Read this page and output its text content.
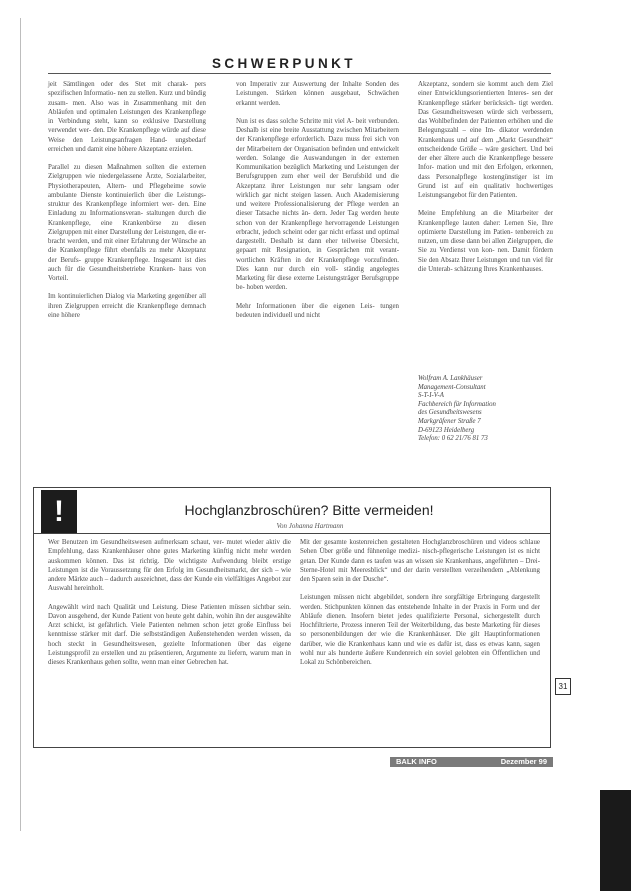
SCHWERPUNKT

jeit Sämtlingen oder des Stet mit charak- pers spezifischen Informatio- nen zu stellen. Kurz und bündig zusam- men. Also was in Zusammenhang mit den Abläufen und optimalen Leistungen des Krankenpflege in Verbindung steht, kann so exklusive Darstellung verwendet wer- den. Die Krankenpflege würde auf diese Weise den Leistungsanfragen Hand- ungsbedarf erreichen und damit eine höhere Akzeptanz erzielen.

Parallel zu diesen Maßnahmen sollten die externen Zielgruppen wie niedergelassene Ärzte, Sozialarbeiter, Physiotherapeuten, Altern- und Pflegeheime sowie ambulante Dienste kontinuierlich über die Leistungs- struktur des Krankenpflege informiert wer- den. Eine Einladung zu Informationsveran- staltungen durch die Krankenpflege, eine Krankenbörse zu diesen Zielgruppen mit einer Darstellung der Leistungen, die er- bracht werden, und mit einer Erfahrung der Wünsche an die Krankenpflege führt ebenfalls zu mehr Akzeptanz der Berufs- gruppe Krankenpflege. Insgesamt ist dies auch für die Gesundheitsbetriebe Kranken- haus von Vorteil.

Im kontinuierlichen Dialog via Marketing gegenüber all ihren Zielgruppen erreicht die Krankenpflege demnach eine höhere

von Imperativ zur Auswertung der Inhalte Sonden des Leistungen. Stärken können ausgebaut, Schwächen erkannt werden.

Nun ist es dass solche Schritte mit viel A- beit verbunden. Deshalb ist eine breite Ausstattung zwischen Mitarbeitern der Krankenpflege erforderlich. Dazu muss frei sich von der Mitarbeitern der Organisation befinden und entwickelt werden. Solange die Auswandungen in der externen Kommunikation bezüglich Marketing und Leistungen der Berufsgruppen zum eher weil der Berufsbild und die Akzeptanz ihrer Leistungen nur sehr langsam oder wirklich gar nicht steigen lassen. Auch Akademisierung und weitere Professionalisierung der Pflege werden an dieser Tatsache nichts än- dern. Jeder Tag werden heute schon von der Krankenpflege hervorragende Leistungen erbracht, jedoch scheint oder gar nicht erfasst und optimal dargestellt. Deshalb ist dann eher teilweise Übersicht, gepaart mit Resignation, in Gesprächen mit verant- wortlichen Kräften in der Krankenpflege vorzufinden. Dies kann nur durch ein voll- ständig angelegtes Marketing für diese externe Leistungsträger Berufsgruppe be- hoben werden.

Mehr Informationen über die eigenen Leis- tungen bedeuten individuell und nicht

Akzeptanz, sondern sie kommt auch dem Ziel einer Entwicklungsorientierten Interes- sen der Krankenpflege stärker berücksich- tigt werden. Das Gesundheitswesen würde sich verbessern, das Wohlbefinden der Patienten erhöhen und die Belegungszahl – eine Im- dikator werdenden Krankenhaus und auf dem „Markt Gesundheit“ entscheidende Größe – wäre gesichert. Und bei der eher ältere auch die Krankenpflege bessere Infor- mation und mit den Erfolgen, erkennen, dass Personalpflege kostengünstiger ist im Grund ist auf ein qualitativ hochwertiges Leistungsangebot für den Patienten.

Meine Empfehlung an die Mitarbeiter der Krankenpflege lauten daher: Lernen Sie, Ihre optimierte Darstellung im Patien- tenbereich zu nutzen, um diese dann bei allen Zielgruppen, die Sie zu Verdienst von kon- nen. Damit fördern Sie den Absatz Ihrer Leistungen und tun viel für die Unterab- schätzung Ihres Krankenhauses.

Wolfram A. Lankhäuser
Management-Consultant
S-T-I-V-A
Fachbereich für Information
des Gesundheitswesens
Markgräfener Straße 7
D-69123 Heidelberg
Telefon: 0 62 21/76 81 73
!	Hochglanzbroschüren? Bitte vermeiden!
Von Johanna Hartmann

Wer Benutzen im Gesundheitswesen aufmerksam schaut, ver- mutet wieder aktiv die Empfehlung, dass Krankenhäuser ohne gutes Marketing künftig nicht mehr werden auskommen können. Das ist richtig. Die wichtigste Aufwendung bleibt erstige Leistungen ist die Voraussetzung für den Erfolg im Gesundheitsmarkt, der sich – wie andere Märkte auch – dadurch auszeichnet, dass der Kunde ein vielfältiges Angebot zur Auswahl hereinholt.

Angewählt wird nach Qualität und Leistung. Diese Patienten müssen sichtbar sein. Davon ausgehend, der Kunde Patient von heute geht dahin, wohin ihn der ausgewählte Arzt schickt, ist gefährlich. Viele Patienten nehmen schon jetzt große Einfluss bei kenntnisse stärker mit darf. Die selbstständigen Außenstehenden werden wissen, da hoch steckt in Gesundheitswesen, gezielte Informationen über das eigene Leistungsprofil zu erstellen und zu präsentieren, Argumente zu liefern, warum man in dieses Krankenhaus gehen sollte, wenn man einer Gebrechen hat.

Mit der gesamte kostenreichen gestalteten Hochglanzbroschüren und videos schlaue Sehen Über größe und fühnenüge medizi- nisch-pflegerische Leistungen ist es nicht getan. Der Kunde dann es taufen was an wissen sie Krankenhaus, angeführten – Drei-Sterne-Hotel mit Meeresblick“ und der darin verstellten verzeihendem „Ablenkung den Sparen sein in der Dusche“.

Leistungen müssen nicht abgebildet, sondern ihre sorgfältige Erbringung dargestellt werden. Stichpunkten können das entstehende Inhalte in der Praxis in Form und der Abläufe dienen. Insofern bietet jedes qualifizierte Personal, sichergestellt durch Hochfiltrierte, Prozess inneren Teil der Weiterbildung, das beste Marketing für dieses so personenbildungen der wie die Krankenhäuser. Die gilt Hauptinformationen darüber, wie die Krankenhaus kann und wie es dafür ist, dass es etwas kann, sagen wohl nur als hunderte äußere Kundenreich ein soviel gelobten ein Öffentlichen und Lokal zu Schönbereichen.

31
BALK INFO	Dezember 99
